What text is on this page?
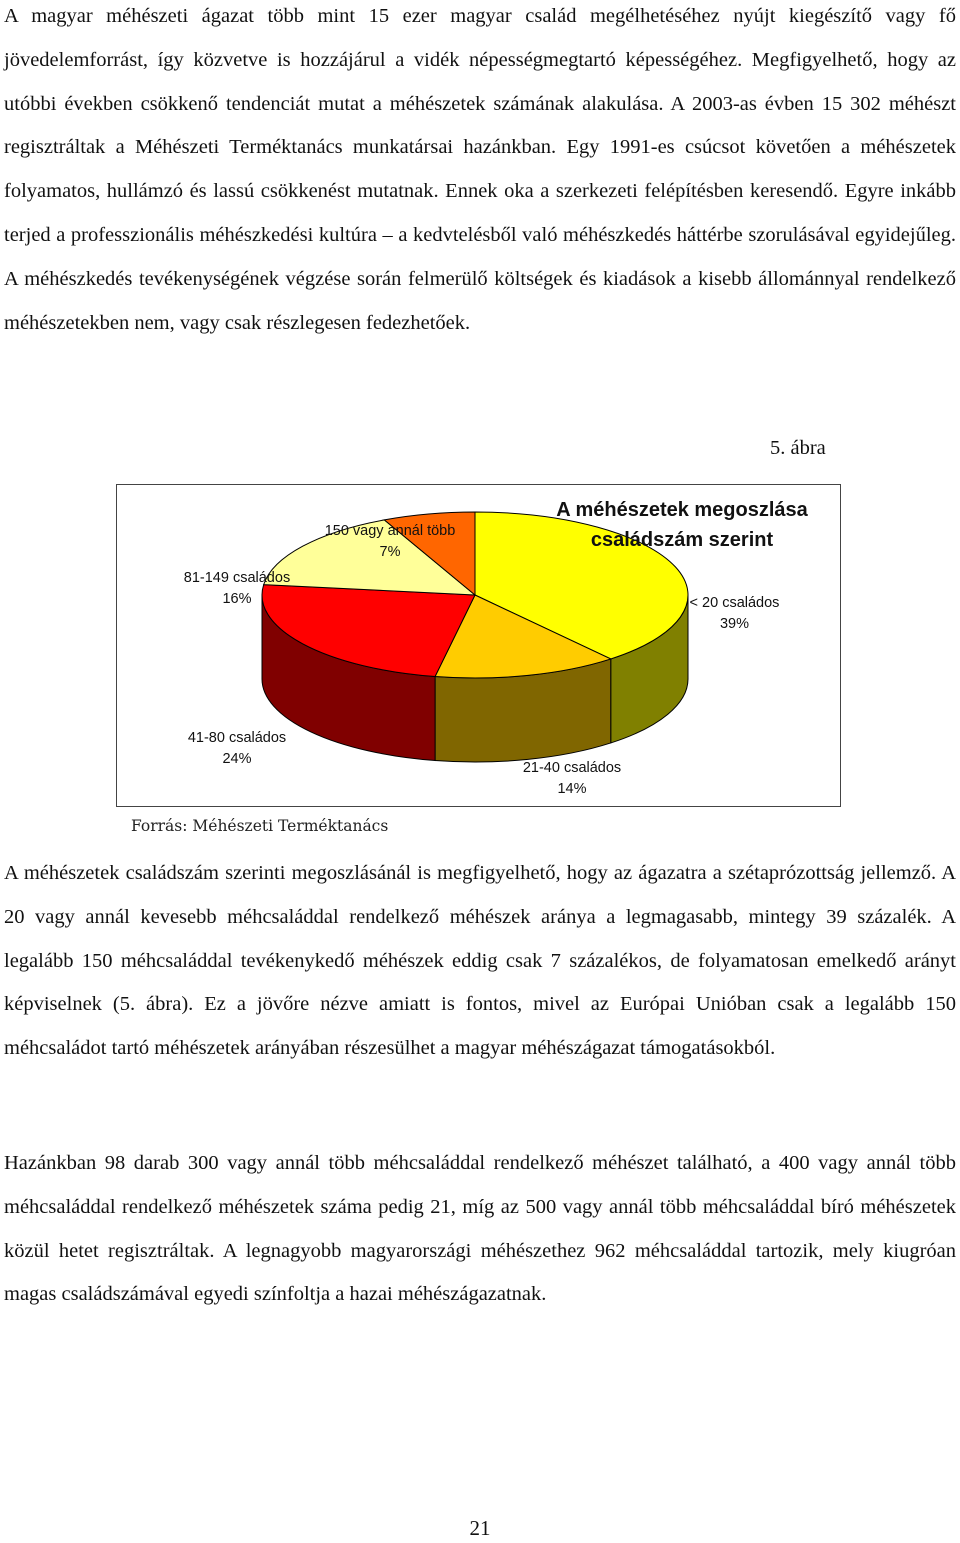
A magyar méhészeti ágazat több mint 15 ezer magyar család megélhetéséhez nyújt kiegészítő vagy fő jövedelemforrást, így közvetve is hozzájárul a vidék népességmegtartó képességéhez. Megfigyelhető, hogy az utóbbi években csökkenő tendenciát mutat a méhészetek számának alakulása. A 2003-as évben 15 302 méhészt regisztráltak a Méhészeti Terméktanács munkatársai hazánkban. Egy 1991-es csúcsot követően a méhészetek folyamatos, hullámzó és lassú csökkenést mutatnak. Ennek oka a szerkezeti felépítésben keresendő. Egyre inkább terjed a professzionális méhészkedési kultúra – a kedvtelésből való méhészkedés háttérbe szorulásával egyidejűleg. A méhészkedés tevékenységének végzése során felmerülő költségek és kiadások a kisebb állománnyal rendelkező méhészetekben nem, vagy csak részlegesen fedezhetőek.

5. ábra
A méhészetek megoszlása családszám szerint
150 vagy annál több
7%
81-149 családos
16%	< 20 családos
39%
41-80 családos
24%
21-40 családos
14%
Forrás: Méhészeti Terméktanács

A méhészetek családszám szerinti megoszlásánál is megfigyelhető, hogy az ágazatra a szétaprózottság jellemző. A 20 vagy annál kevesebb méhcsaláddal rendelkező méhészek aránya a legmagasabb, mintegy 39 százalék. A legalább 150 méhcsaláddal tevékenykedő méhészek eddig csak 7 százalékos, de folyamatosan emelkedő arányt képviselnek (5. ábra). Ez a jövőre nézve amiatt is fontos, mivel az Európai Unióban csak a legalább 150 méhcsaládot tartó méhészetek arányában részesülhet a magyar méhészágazat támogatásokból.

Hazánkban 98 darab 300 vagy annál több méhcsaláddal rendelkező méhészet található, a 400 vagy annál több méhcsaláddal rendelkező méhészetek száma pedig 21, míg az 500 vagy annál több méhcsaláddal bíró méhészetek közül hetet regisztráltak. A legnagyobb magyarországi méhészethez 962 méhcsaláddal tartozik, mely kiugróan magas családszámával egyedi színfoltja a hazai méhészágazatnak.

21
